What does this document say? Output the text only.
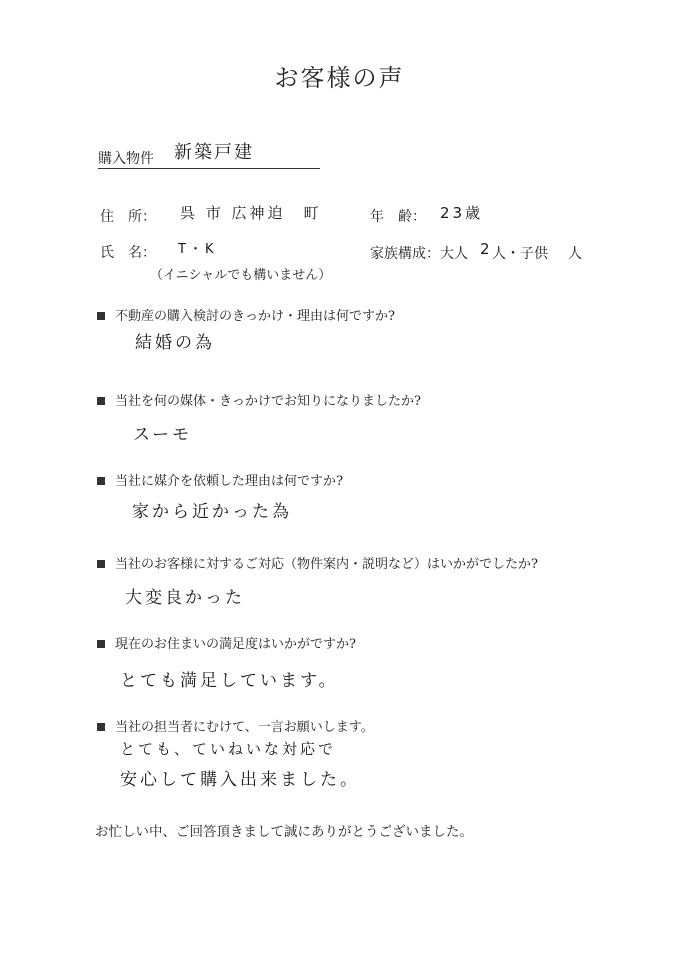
お客様の声
購入物件 新築戸建
住　所： 呉 市 広神迫　町	年　齢： 23歳
氏　名： T・K
（イニシャルでも構いません）
家族構成：大人 2 人・子供 人
不動産の購入検討のきっかけ・理由は何ですか?
結婚の為
当社を何の媒体・きっかけでお知りになりましたか?
スーモ
当社に媒介を依頼した理由は何ですか?
家から近かった為
当社のお客様に対するご対応（物件案内・説明など）はいかがでしたか?
大変良かった
現在のお住まいの満足度はいかがですか?
とても満足しています。
当社の担当者にむけて、一言お願いします。
とても、ていねいな対応で
安心して購入出来ました。
お忙しい中、ご回答頂きまして誠にありがとうございました。
